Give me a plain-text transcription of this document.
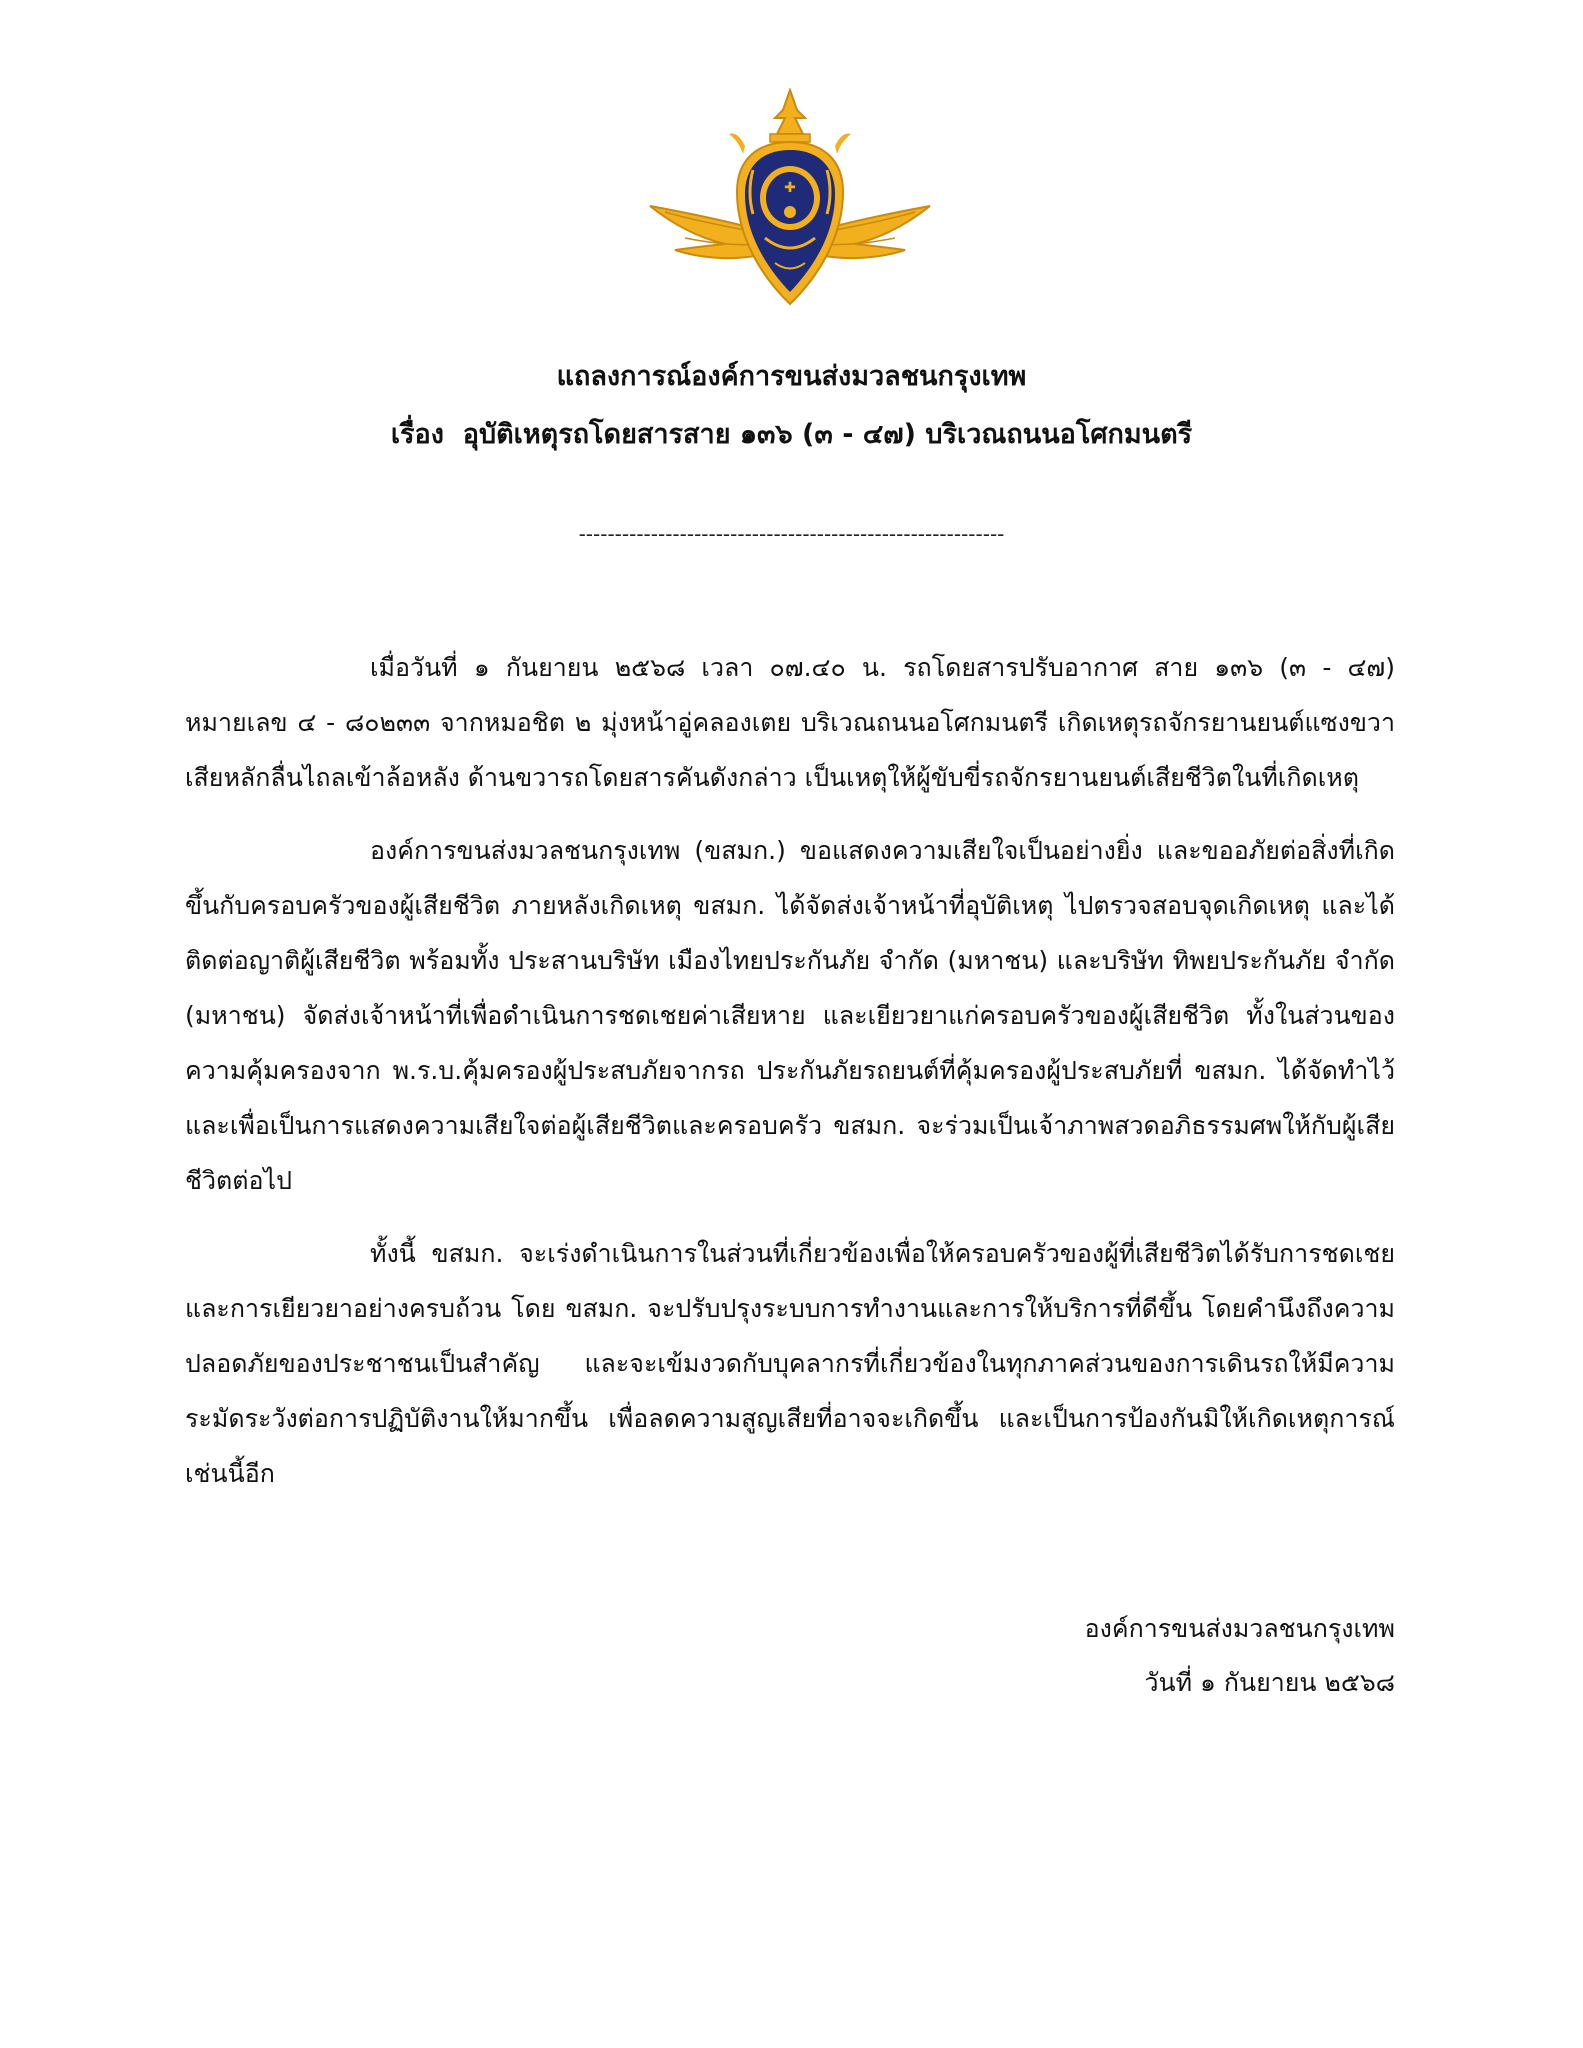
✚
แถลงการณ์องค์การขนส่งมวลชนกรุงเทพ
เรื่อง  อุบัติเหตุรถโดยสารสาย ๑๓๖ (๓ - ๔๗) บริเวณถนนอโศกมนตรี
-----------------------------------------------------------

เมื่อวันที่ ๑ กันยายน ๒๕๖๘ เวลา ๐๗.๔๐ น. รถโดยสารปรับอากาศ สาย ๑๓๖ (๓ - ๔๗) หมายเลข ๔ - ๘๐๒๓๓ จากหมอชิต ๒ มุ่งหน้าอู่คลองเตย บริเวณถนนอโศกมนตรี เกิดเหตุรถจักรยานยนต์แซงขวาเสียหลักลื่นไถลเข้าล้อหลัง ด้านขวารถโดยสารคันดังกล่าว เป็นเหตุให้ผู้ขับขี่รถจักรยานยนต์เสียชีวิตในที่เกิดเหตุ

องค์การขนส่งมวลชนกรุงเทพ (ขสมก.) ขอแสดงความเสียใจเป็นอย่างยิ่ง และขออภัยต่อสิ่งที่เกิดขึ้นกับครอบครัวของผู้เสียชีวิต ภายหลังเกิดเหตุ ขสมก. ได้จัดส่งเจ้าหน้าที่อุบัติเหตุ ไปตรวจสอบจุดเกิดเหตุ และได้ติดต่อญาติผู้เสียชีวิต พร้อมทั้ง ประสานบริษัท เมืองไทยประกันภัย จำกัด (มหาชน) และบริษัท ทิพยประกันภัย จำกัด (มหาชน) จัดส่งเจ้าหน้าที่เพื่อดำเนินการชดเชยค่าเสียหาย และเยียวยาแก่ครอบครัวของผู้เสียชีวิต ทั้งในส่วนของความคุ้มครองจาก พ.ร.บ.คุ้มครองผู้ประสบภัยจากรถ ประกันภัยรถยนต์ที่คุ้มครองผู้ประสบภัยที่ ขสมก. ได้จัดทำไว้ และเพื่อเป็นการแสดงความเสียใจต่อผู้เสียชีวิตและครอบครัว ขสมก. จะร่วมเป็นเจ้าภาพสวดอภิธรรมศพให้กับผู้เสียชีวิตต่อไป

ทั้งนี้ ขสมก. จะเร่งดำเนินการในส่วนที่เกี่ยวข้องเพื่อให้ครอบครัวของผู้ที่เสียชีวิตได้รับการชดเชยและการเยียวยาอย่างครบถ้วน โดย ขสมก. จะปรับปรุงระบบการทำงานและการให้บริการที่ดีขึ้น โดยคำนึงถึงความปลอดภัยของประชาชนเป็นสำคัญ และจะเข้มงวดกับบุคลากรที่เกี่ยวข้องในทุกภาคส่วนของการเดินรถให้มีความระมัดระวังต่อการปฏิบัติงานให้มากขึ้น เพื่อลดความสูญเสียที่อาจจะเกิดขึ้น และเป็นการป้องกันมิให้เกิดเหตุการณ์เช่นนี้อีก

องค์การขนส่งมวลชนกรุงเทพ
วันที่ ๑ กันยายน ๒๕๖๘
